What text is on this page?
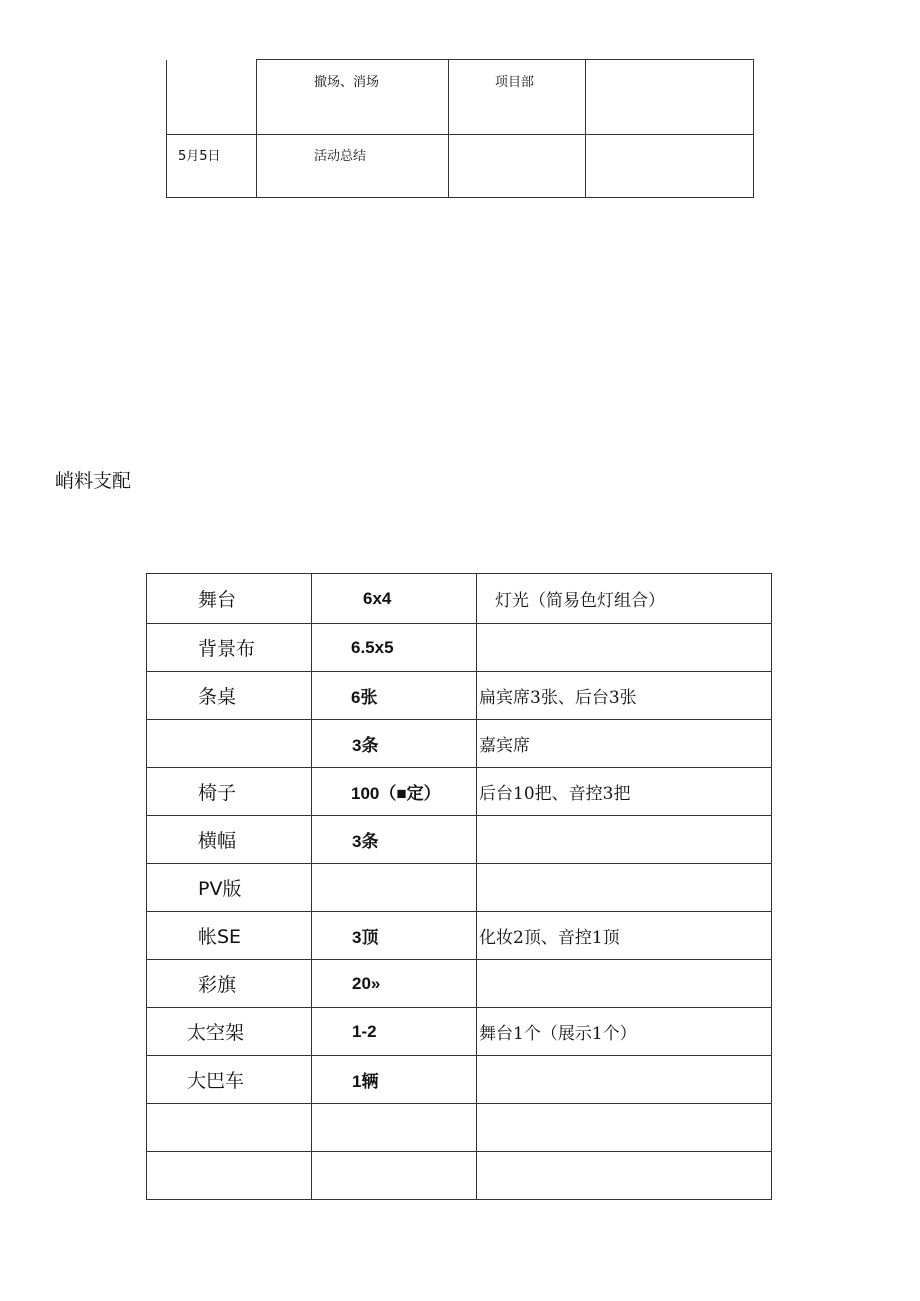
	撤场、消场	项目部	
5月5日	活动总结		
峭料支配
舞台	6x4	灯光（简易色灯组合）
背景布	6.5x5	
条桌	6张	扁宾席3张、后台3张
	3条	嘉宾席
椅子	100（■定）	后台10把、音控3把
横幅	3条	
PV版		
帐SE	3顶	化妆2顶、音控1顶
彩旗	20»	
太空架	1-2	舞台1个（展示1个）
大巴车	1辆	
